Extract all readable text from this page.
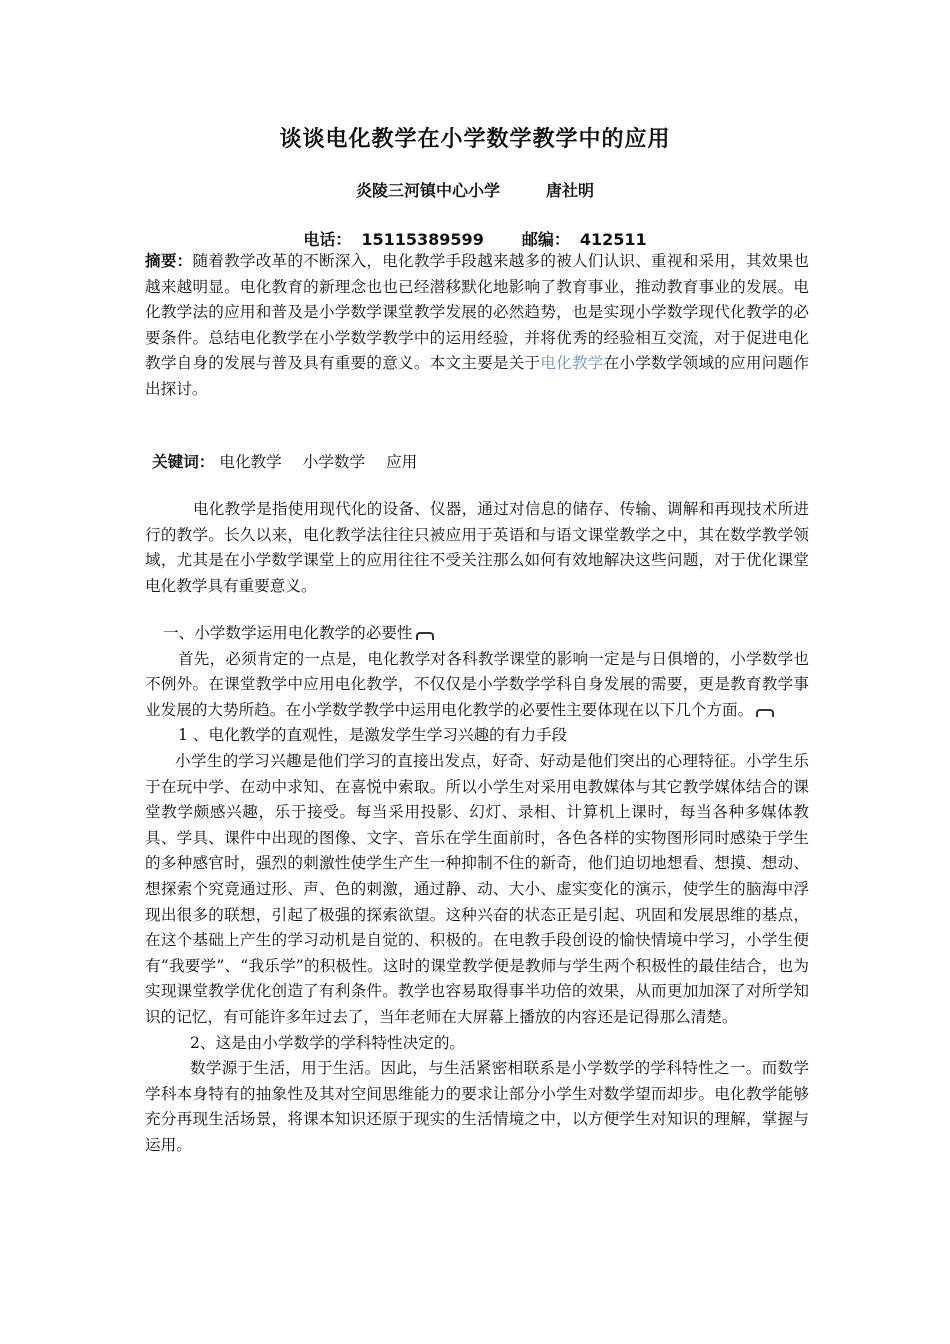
谈谈电化教学在小学数学教学中的应用
炎陵三河镇中心小学	唐社明
电话： 15115389599 邮编： 412511
摘要：随着教学改革的不断深入，电化教学手段越来越多的被人们认识、重视和采用，其效果也越来越明显。电化教育的新理念也也已经潜移默化地影响了教育事业，推动教育事业的发展。电化教学法的应用和普及是小学数学课堂教学发展的必然趋势，也是实现小学数学现代化教学的必要条件。总结电化教学在小学数学教学中的运用经验，并将优秀的经验相互交流，对于促进电化教学自身的发展与普及具有重要的意义。本文主要是关于电化教学在小学数学领域的应用问题作出探讨。
关键词： 电化教学 小学数学 应用
电化教学是指使用现代化的设备、仪器，通过对信息的储存、传输、调解和再现技术所进行的教学。长久以来，电化教学法往往只被应用于英语和与语文课堂教学之中，其在数学教学领域，尤其是在小学数学课堂上的应用往往不受关注那么如何有效地解决这些问题，对于优化课堂电化教学具有重要意义。

一、小学数学运用电化教学的必要性

首先，必须肯定的一点是，电化教学对各科教学课堂的影响一定是与日俱增的，小学数学也不例外。在课堂教学中应用电化教学，不仅仅是小学数学学科自身发展的需要，更是教育教学事业发展的大势所趋。在小学数学教学中运用电化教学的必要性主要体现在以下几个方面。

1 、电化教学的直观性，是激发学生学习兴趣的有力手段

小学生的学习兴趣是他们学习的直接出发点，好奇、好动是他们突出的心理特征。小学生乐于在玩中学、在动中求知、在喜悦中索取。所以小学生对采用电教媒体与其它教学媒体结合的课堂教学颇感兴趣，乐于接受。每当采用投影、幻灯、录相、计算机上课时，每当各种多媒体教具、学具、课件中出现的图像、文字、音乐在学生面前时，各色各样的实物图形同时感染于学生的多种感官时，强烈的刺激性使学生产生一种抑制不住的新奇，他们迫切地想看、想摸、想动、想探索个究竟通过形、声、色的刺激，通过静、动、大小、虚实变化的演示，使学生的脑海中浮现出很多的联想，引起了极强的探索欲望。这种兴奋的状态正是引起、巩固和发展思维的基点，在这个基础上产生的学习动机是自觉的、积极的。在电教手段创设的愉快情境中学习，小学生便有“我要学”、“我乐学”的积极性。这时的课堂教学便是教师与学生两个积极性的最佳结合，也为实现课堂教学优化创造了有利条件。教学也容易取得事半功倍的效果，从而更加加深了对所学知识的记忆，有可能许多年过去了，当年老师在大屏幕上播放的内容还是记得那么清楚。

2、这是由小学数学的学科特性决定的。

数学源于生活，用于生活。因此，与生活紧密相联系是小学数学的学科特性之一。而数学学科本身特有的抽象性及其对空间思维能力的要求让部分小学生对数学望而却步。电化教学能够充分再现生活场景，将课本知识还原于现实的生活情境之中，以方便学生对知识的理解，掌握与运用。
